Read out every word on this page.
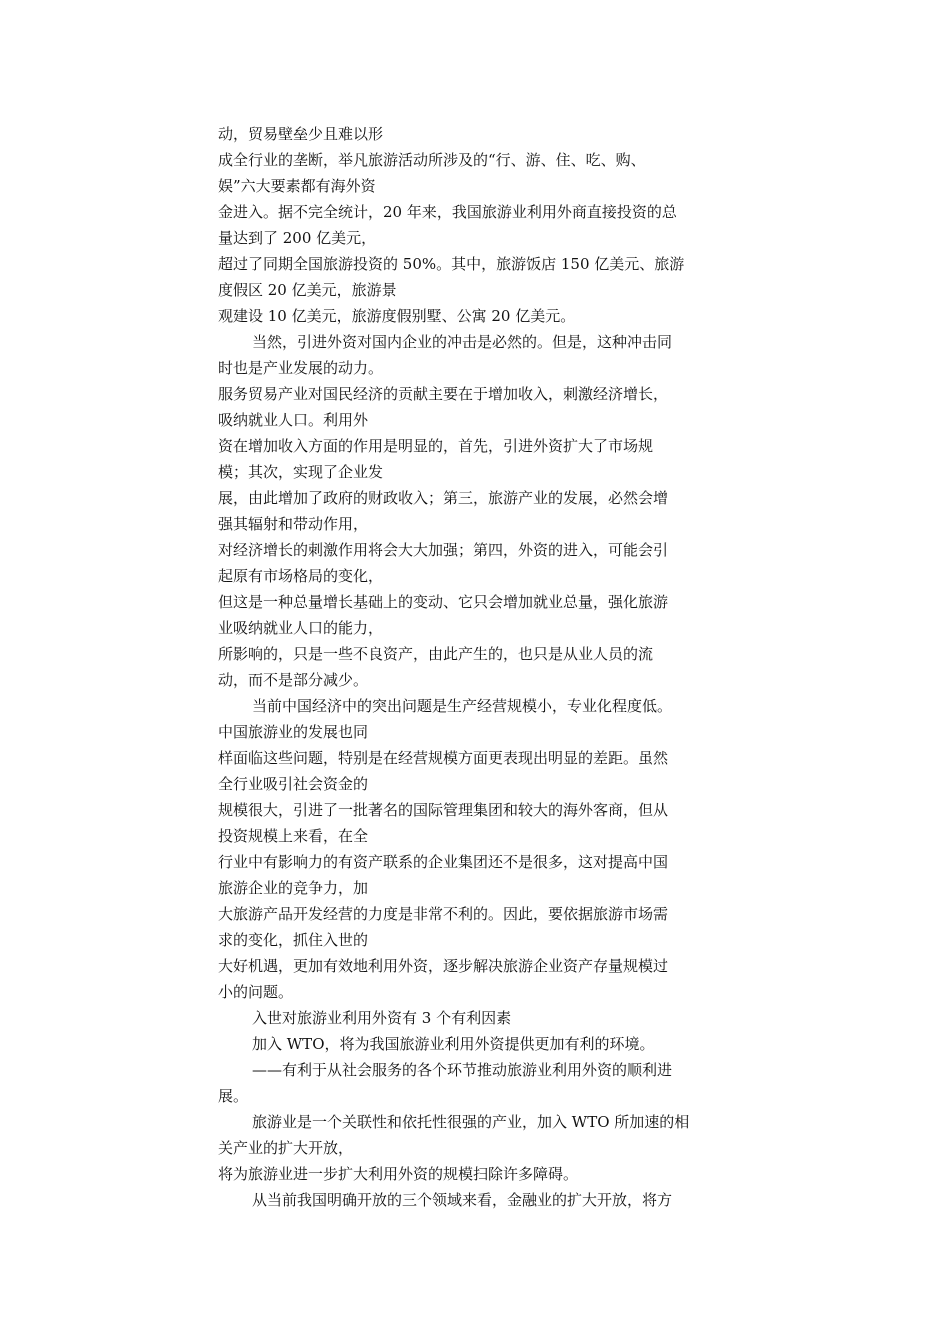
动，贸易壁垒少且难以形
成全行业的垄断，举凡旅游活动所涉及的“行、游、住、吃、购、
娱”六大要素都有海外资
金进入。据不完全统计，20 年来，我国旅游业利用外商直接投资的总
量达到了 200 亿美元，
超过了同期全国旅游投资的 50%。其中，旅游饭店 150 亿美元、旅游
度假区 20 亿美元，旅游景
观建设 10 亿美元，旅游度假别墅、公寓 20 亿美元。
当然，引进外资对国内企业的冲击是必然的。但是，这种冲击同
时也是产业发展的动力。
服务贸易产业对国民经济的贡献主要在于增加收入，刺激经济增长，
吸纳就业人口。利用外
资在增加收入方面的作用是明显的，首先，引进外资扩大了市场规
模；其次，实现了企业发
展，由此增加了政府的财政收入；第三，旅游产业的发展，必然会增
强其辐射和带动作用，
对经济增长的刺激作用将会大大加强；第四，外资的进入，可能会引
起原有市场格局的变化，
但这是一种总量增长基础上的变动、它只会增加就业总量，强化旅游
业吸纳就业人口的能力，
所影响的，只是一些不良资产，由此产生的，也只是从业人员的流
动，而不是部分减少。
当前中国经济中的突出问题是生产经营规模小，专业化程度低。
中国旅游业的发展也同
样面临这些问题，特别是在经营规模方面更表现出明显的差距。虽然
全行业吸引社会资金的
规模很大，引进了一批著名的国际管理集团和较大的海外客商，但从
投资规模上来看，在全
行业中有影响力的有资产联系的企业集团还不是很多，这对提高中国
旅游企业的竞争力，加
大旅游产品开发经营的力度是非常不利的。因此，要依据旅游市场需
求的变化，抓住入世的
大好机遇，更加有效地利用外资，逐步解决旅游企业资产存量规模过
小的问题。
入世对旅游业利用外资有 3 个有利因素
加入 WTO，将为我国旅游业利用外资提供更加有利的环境。
——有利于从社会服务的各个环节推动旅游业利用外资的顺利进
展。
旅游业是一个关联性和依托性很强的产业，加入 WTO 所加速的相
关产业的扩大开放，
将为旅游业进一步扩大利用外资的规模扫除许多障碍。
从当前我国明确开放的三个领域来看，金融业的扩大开放，将方
